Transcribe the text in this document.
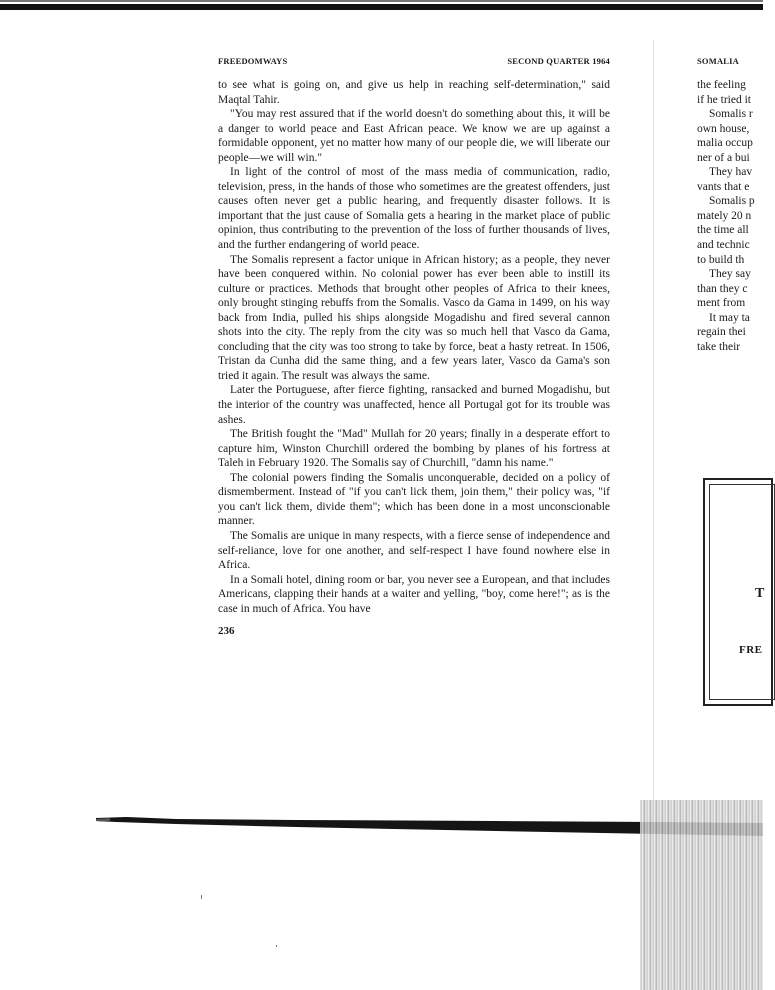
FREEDOMWAYS	SECOND QUARTER 1964

to see what is going on, and give us help in reaching self-determination," said Maqtal Tahir.

"You may rest assured that if the world doesn't do something about this, it will be a danger to world peace and East African peace. We know we are up against a formidable opponent, yet no matter how many of our people die, we will liberate our people—we will win."

In light of the control of most of the mass media of communication, radio, television, press, in the hands of those who sometimes are the greatest offenders, just causes often never get a public hearing, and frequently disaster follows. It is important that the just cause of Somalia gets a hearing in the market place of public opinion, thus contributing to the prevention of the loss of further thousands of lives, and the further endangering of world peace.

The Somalis represent a factor unique in African history; as a people, they never have been conquered within. No colonial power has ever been able to instill its culture or practices. Methods that brought other peoples of Africa to their knees, only brought stinging rebuffs from the Somalis. Vasco da Gama in 1499, on his way back from India, pulled his ships alongside Mogadishu and fired several cannon shots into the city. The reply from the city was so much hell that Vasco da Gama, concluding that the city was too strong to take by force, beat a hasty retreat. In 1506, Tristan da Cunha did the same thing, and a few years later, Vasco da Gama's son tried it again. The result was always the same.

Later the Portuguese, after fierce fighting, ransacked and burned Mogadishu, but the interior of the country was unaffected, hence all Portugal got for its trouble was ashes.

The British fought the "Mad" Mullah for 20 years; finally in a desperate effort to capture him, Winston Churchill ordered the bombing by planes of his fortress at Taleh in February 1920. The Somalis say of Churchill, "damn his name."

The colonial powers finding the Somalis unconquerable, decided on a policy of dismemberment. Instead of "if you can't lick them, join them," their policy was, "if you can't lick them, divide them"; which has been done in a most unconscionable manner.

The Somalis are unique in many respects, with a fierce sense of independence and self-reliance, love for one another, and self-respect I have found nowhere else in Africa.

In a Somali hotel, dining room or bar, you never see a European, and that includes Americans, clapping their hands at a waiter and yelling, "boy, come here!"; as is the case in much of Africa. You have

236
SOMALIA
the feeling
if he tried it
Somalis r
own house,
malia occup
ner of a bui
They hav
vants that e
Somalis p
mately 20 n
the time all
and technic
to build th
They say
than they c
ment from
It may ta
regain thei
take their
T
FRE
